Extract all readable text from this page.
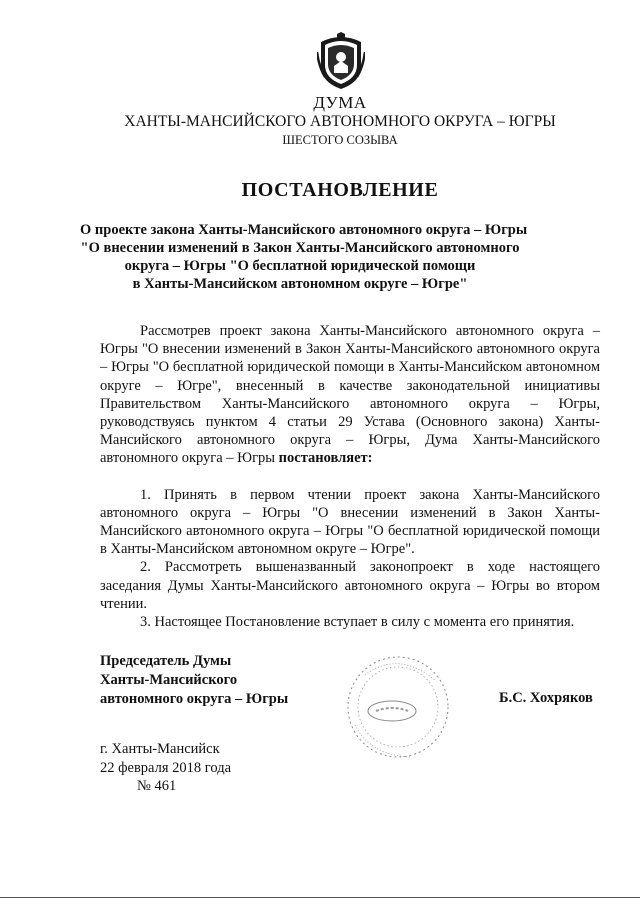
ДУМА
ХАНТЫ-МАНСИЙСКОГО АВТОНОМНОГО ОКРУГА – ЮГРЫ
ШЕСТОГО СОЗЫВА
ПОСТАНОВЛЕНИЕ
О проекте закона Ханты-Мансийского автономного округа – Югры
"О внесении изменений в Закон Ханты-Мансийского автономного
округа – Югры "О бесплатной юридической помощи
в Ханты-Мансийском автономном округе – Югре"

Рассмотрев проект закона Ханты-Мансийского автономного округа – Югры "О внесении изменений в Закон Ханты-Мансийского автономного округа – Югры "О бесплатной юридической помощи в Ханты-Мансийском автономном округе – Югре", внесенный в качестве законодательной инициативы Правительством Ханты-Мансийского автономного округа – Югры, руководствуясь пунктом 4 статьи 29 Устава (Основного закона) Ханты-Мансийского автономного округа – Югры, Дума Ханты-Мансийского автономного округа – Югры постановляет:

1. Принять в первом чтении проект закона Ханты-Мансийского автономного округа – Югры "О внесении изменений в Закон Ханты-Мансийского автономного округа – Югры "О бесплатной юридической помощи в Ханты-Мансийском автономном округе – Югре".

2. Рассмотреть вышеназванный законопроект в ходе настоящего заседания Думы Ханты-Мансийского автономного округа – Югры во втором чтении.

3. Настоящее Постановление вступает в силу с момента его принятия.

Председатель Думы
Ханты-Мансийского
автономного округа – Югры	Б.С. Хохряков
г. Ханты-Мансийск
22 февраля 2018 года
№ 461
